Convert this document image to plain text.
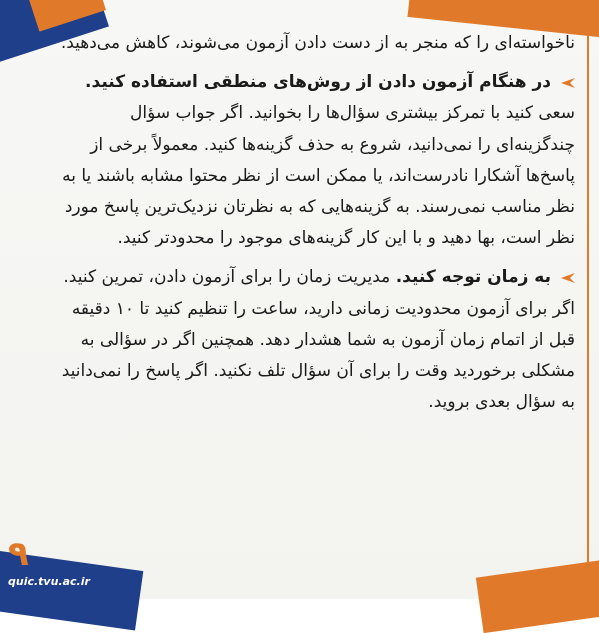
ناخواسته‌ای را که منجر به از دست دادن آزمون می‌شوند، کاهش می‌دهید.

در هنگام آزمون دادن از روش‌های منطقی استفاده کنید. سعی کنید با تمرکز بیشتری سؤال‌ها را بخوانید. اگر جواب سؤال چندگزینه‌ای را نمی‌دانید، شروع به حذف گزینه‌ها کنید. معمولاً برخی از پاسخ‌ها آشکارا نادرست‌اند، یا ممکن است از نظر محتوا مشابه باشند یا به نظر مناسب نمی‌رسند. به گزینه‌هایی که به نظرتان نزدیک‌ترین پاسخ مورد نظر است، بها دهید و با این کار گزینه‌های موجود را محدودتر کنید.

به زمان توجه کنید. مدیریت زمان را برای آزمون دادن، تمرین کنید. اگر برای آزمون محدودیت زمانی دارید، ساعت را تنظیم کنید تا ۱۰ دقیقه قبل از اتمام زمان آزمون به شما هشدار دهد. همچنین اگر در سؤالی به مشکلی برخوردید وقت را برای آن سؤال تلف نکنید. اگر پاسخ را نمی‌دانید به سؤال بعدی بروید.

۹
quic.tvu.ac.ir
